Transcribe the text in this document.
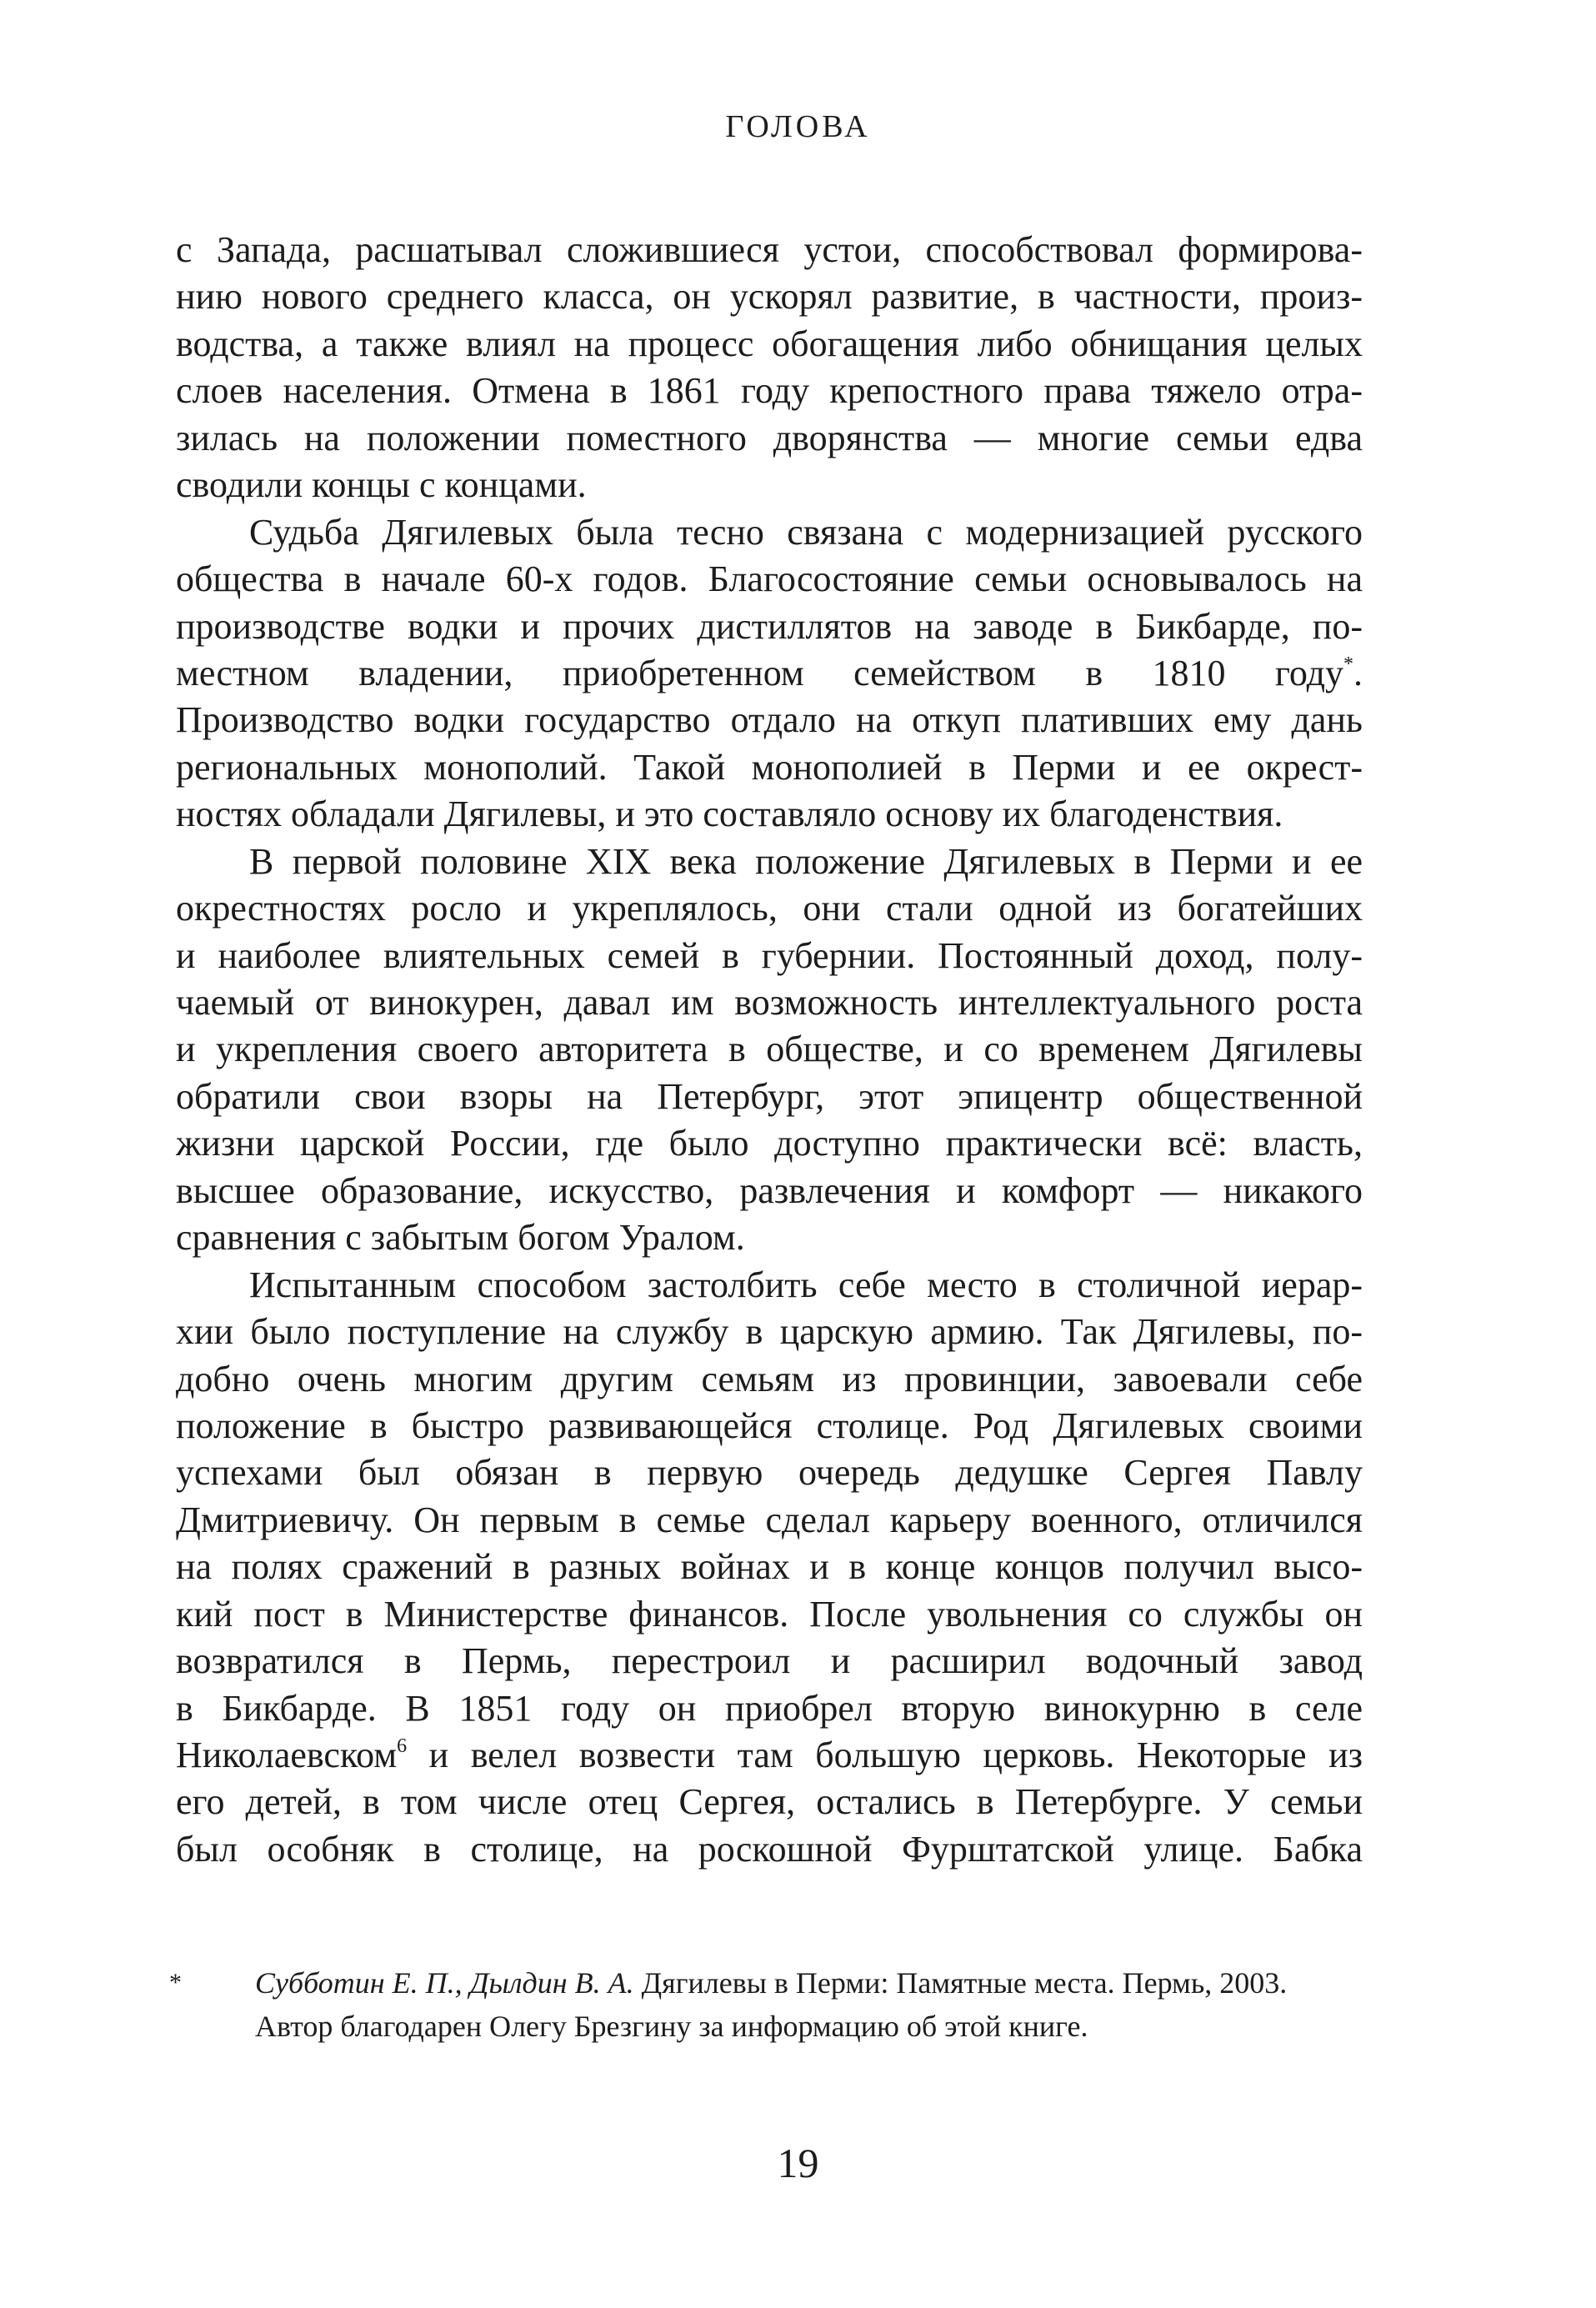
ГОЛОВА
с Запада, расшатывал сложившиеся устои, способствовал формирова-
нию нового среднего класса, он ускорял развитие, в частности, произ-
водства, а также влиял на процесс обогащения либо обнищания целых
слоев населения. Отмена в 1861 году крепостного права тяжело отра-
зилась на положении поместного дворянства — многие семьи едва
сводили концы с концами.
Судьба Дягилевых была тесно связана с модернизацией русского
общества в начале 60-х годов. Благосостояние семьи основывалось на
производстве водки и прочих дистиллятов на заводе в Бикбарде, по-
местном владении, приобретенном семейством в 1810 году*.
Производство водки государство отдало на откуп плативших ему дань
региональных монополий. Такой монополией в Перми и ее окрест-
ностях обладали Дягилевы, и это составляло основу их благоденствия.
В первой половине XIX века положение Дягилевых в Перми и ее
окрестностях росло и укреплялось, они стали одной из богатейших
и наиболее влиятельных семей в губернии. Постоянный доход, полу-
чаемый от винокурен, давал им возможность интеллектуального роста
и укрепления своего авторитета в обществе, и со временем Дягилевы
обратили свои взоры на Петербург, этот эпицентр общественной
жизни царской России, где было доступно практически всё: власть,
высшее образование, искусство, развлечения и комфорт — никакого
сравнения с забытым богом Уралом.
Испытанным способом застолбить себе место в столичной иерар-
хии было поступление на службу в царскую армию. Так Дягилевы, по-
добно очень многим другим семьям из провинции, завоевали себе
положение в быстро развивающейся столице. Род Дягилевых своими
успехами был обязан в первую очередь дедушке Сергея Павлу
Дмитриевичу. Он первым в семье сделал карьеру военного, отличился
на полях сражений в разных войнах и в конце концов получил высо-
кий пост в Министерстве финансов. После увольнения со службы он
возвратился в Пермь, перестроил и расширил водочный завод
в Бикбарде. В 1851 году он приобрел вторую винокурню в селе
Николаевском$^6$ и велел возвести там большую церковь. Некоторые из
его детей, в том числе отец Сергея, остались в Петербурге. У семьи
был особняк в столице, на роскошной Фурштатской улице. Бабка
* Субботин Е. П., Дылдин В. А. Дягилевы в Перми: Памятные места. Пермь, 2003.
Автор благодарен Олегу Брезгину за информацию об этой книге.
19
